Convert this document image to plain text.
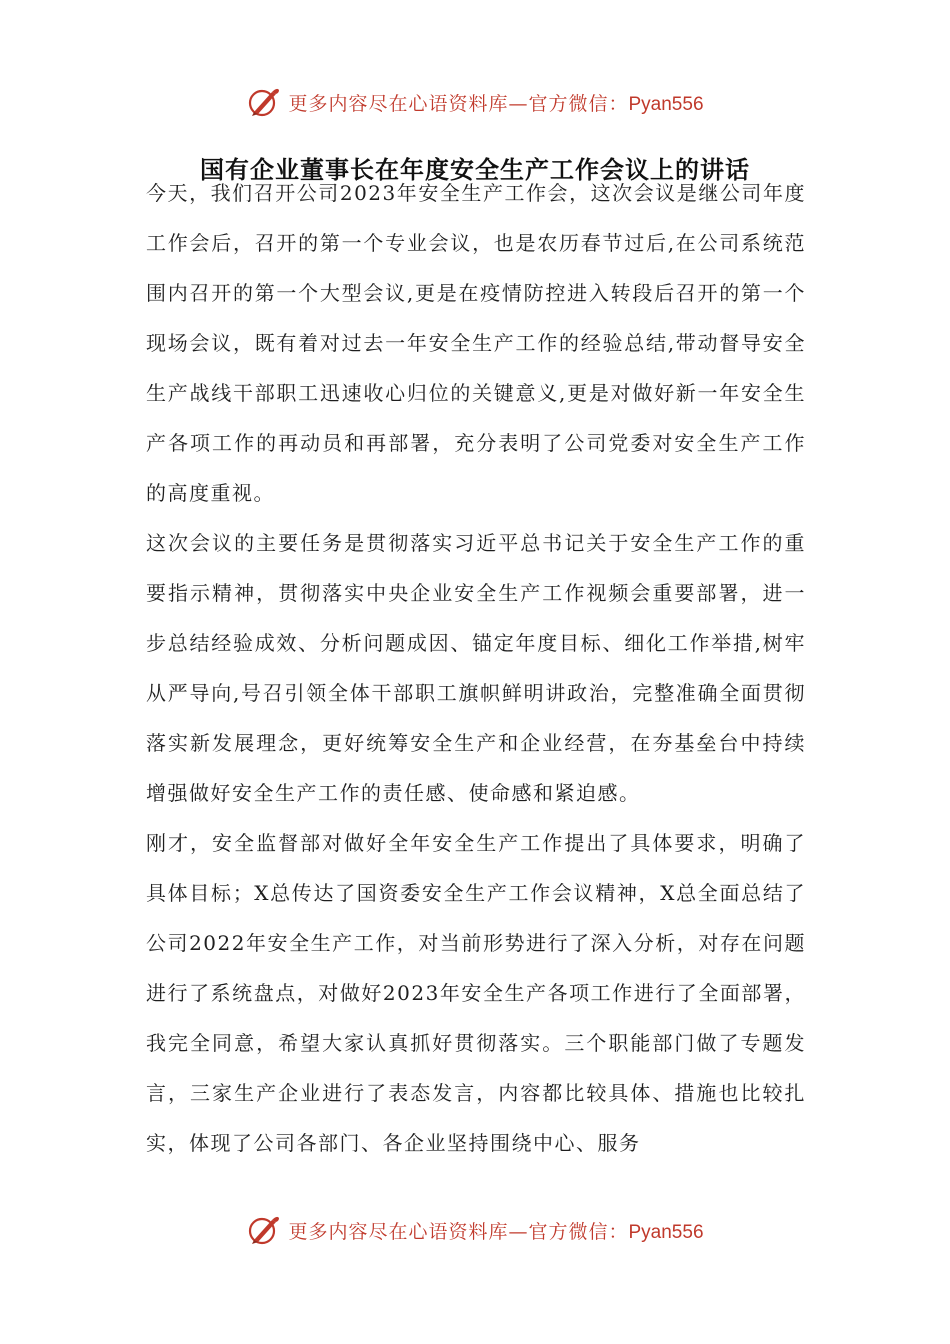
更多内容尽在心语资料库—官方微信：Pyan556
国有企业董事长在年度安全生产工作会议上的讲话

今天，我们召开公司2023年安全生产工作会，这次会议是继公司年度工作会后，召开的第一个专业会议，也是农历春节过后,在公司系统范围内召开的第一个大型会议,更是在疫情防控进入转段后召开的第一个现场会议，既有着对过去一年安全生产工作的经验总结,带动督导安全生产战线干部职工迅速收心归位的关键意义,更是对做好新一年安全生 产各项工作的再动员和再部署，充分表明了公司党委对安全生产工作的高度重视。

这次会议的主要任务是贯彻落实习近平总书记关于安全生产工作的重要指示精神，贯彻落实中央企业安全生产工作视频会重要部署，进一步总结经验成效、分析问题成因、锚定年度目标、细化工作举措,树牢从严导向,号召引领全体干部职工旗帜鲜明讲政治，完整准确全面贯彻落实新发展理念，更好统筹安全生产和企业经营，在夯基垒台中持续增强做好安全生产工作的责任感、使命感和紧迫感。

刚才，安全监督部对做好全年安全生产工作提出了具体要求，明确了具体目标；X总传达了国资委安全生产工作会议精神，X总全面总结了公司2022年安全生产工作，对当前形势进行了深入分析，对存在问题进行了系统盘点，对做好2023年安全生产各项工作进行了全面部署，我完全同意，希望大家认真抓好贯彻落实。三个职能部门做了专题发言，三家生产企业进行了表态发言，内容都比较具体、措施也比较扎实，体现了公司各部门、各企业坚持围绕中心、服务

更多内容尽在心语资料库—官方微信：Pyan556
